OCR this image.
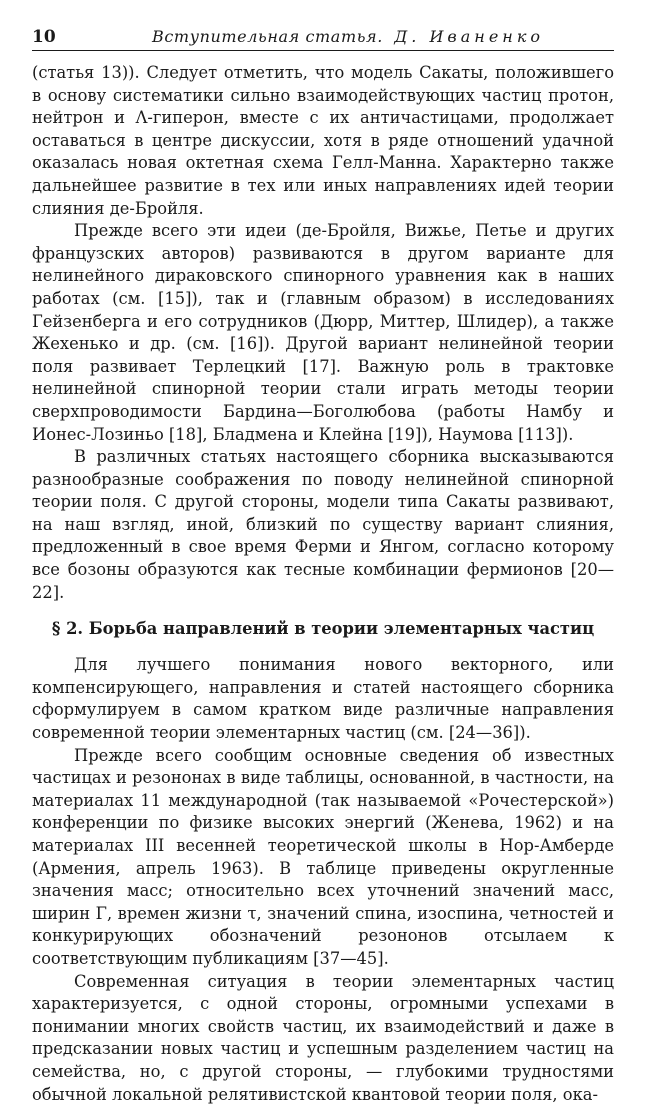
10	Вступительная статья. Д. Иваненко

(статья 13)). Следует отметить, что модель Сакаты, положившего в основу систематики сильно взаимодействующих частиц протон, нейтрон и Λ-гиперон, вместе с их античастицами, продолжает оставаться в центре дискуссии, хотя в ряде отношений удачной оказалась новая октетная схема Гелл-Манна. Характерно также дальнейшее развитие в тех или иных направлениях идей теории слияния де-Бройля.

Прежде всего эти идеи (де-Бройля, Вижье, Петье и других французских авторов) развиваются в другом варианте для нелинейного дираковского спинорного уравнения как в наших работах (см. [15]), так и (главным образом) в исследованиях Гейзенберга и его сотрудников (Дюрр, Миттер, Шлидер), а также Жехенько и др. (см. [16]). Другой вариант нелинейной теории поля развивает Терлецкий [17]. Важную роль в трактовке нелинейной спинорной теории стали играть методы теории сверхпроводимости Бардина—Боголюбова (работы Намбу и Ионес-Лозиньо [18], Бладмена и Клейна [19]), Наумова [113]).

В различных статьях настоящего сборника высказываются разнообразные соображения по поводу нелинейной спинорной теории поля. С другой стороны, модели типа Сакаты развивают, на наш взгляд, иной, близкий по существу вариант слияния, предложенный в свое время Ферми и Янгом, согласно которому все бозоны образуются как тесные комбинации фермионов [20—22].

§ 2. Борьба направлений в теории элементарных частиц

Для лучшего понимания нового векторного, или компенсирующего, направления и статей настоящего сборника сформулируем в самом кратком виде различные направления современной теории элементарных частиц (см. [24—36]).

Прежде всего сообщим основные сведения об известных частицах и резононах в виде таблицы, основанной, в частности, на материалах 11 международной (так называемой «Рочестерской») конференции по физике высоких энергий (Женева, 1962) и на материалах III весенней теоретической школы в Нор-Амберде (Армения, апрель 1963). В таблице приведены округленные значения масс; относительно всех уточнений значений масс, ширин Γ, времен жизни τ, значений спина, изоспина, четностей и конкурирующих обозначений резононов отсылаем к соответствующим публикациям [37—45].

Современная ситуация в теории элементарных частиц характеризуется, с одной стороны, огромными успехами в понимании многих свойств частиц, их взаимодействий и даже в предсказании новых частиц и успешным разделением частиц на семейства, но, с другой стороны, — глубокими трудностями обычной локальной релятивистской квантовой теории поля, ока-
